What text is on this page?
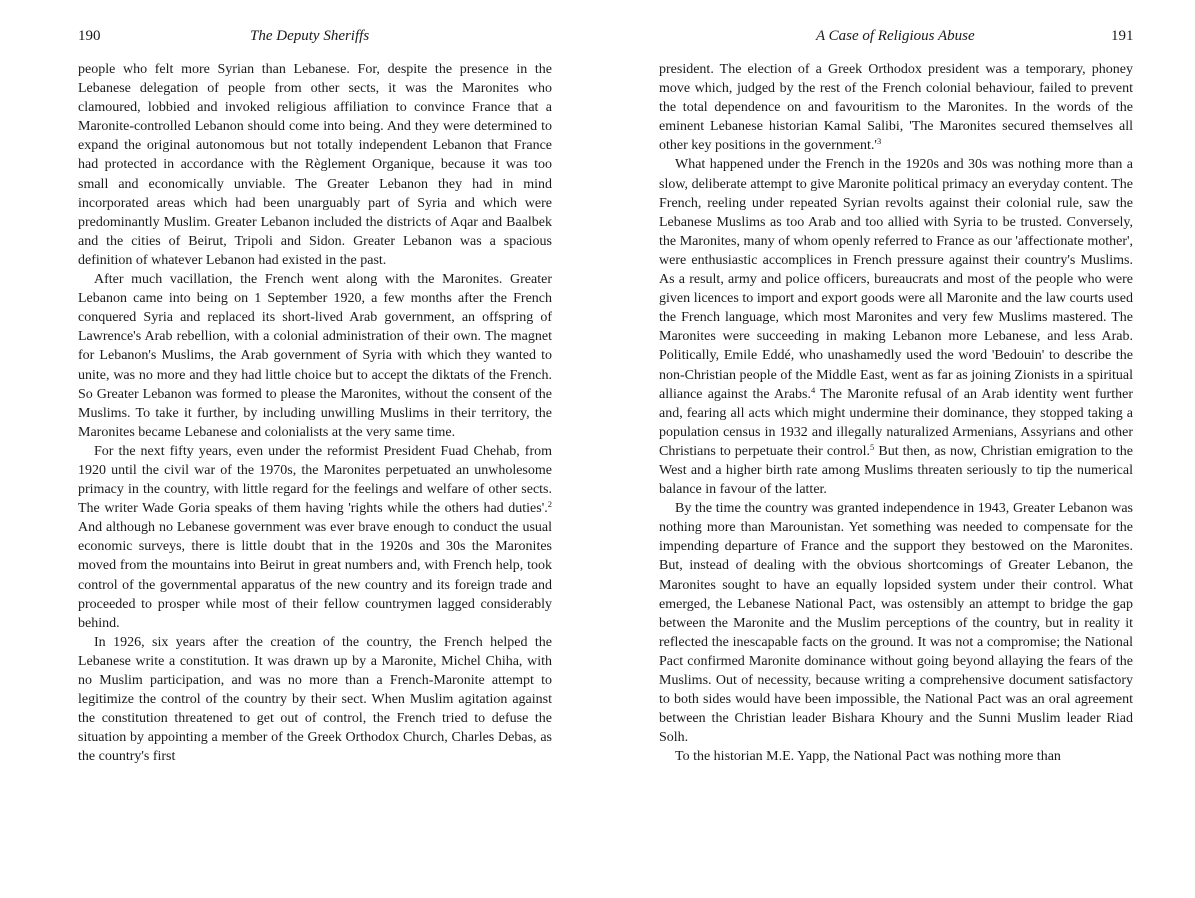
190	The Deputy Sheriffs

people who felt more Syrian than Lebanese. For, despite the presence in the Lebanese delegation of people from other sects, it was the Maronites who clamoured, lobbied and invoked religious affiliation to convince France that a Maronite-controlled Lebanon should come into being. And they were determined to expand the original autonomous but not totally independent Lebanon that France had protected in accordance with the Règlement Organique, because it was too small and economically unviable. The Greater Lebanon they had in mind incorporated areas which had been unarguably part of Syria and which were predominantly Muslim. Greater Lebanon included the districts of Aqar and Baalbek and the cities of Beirut, Tripoli and Sidon. Greater Lebanon was a spacious definition of whatever Lebanon had existed in the past.

After much vacillation, the French went along with the Maronites. Greater Lebanon came into being on 1 September 1920, a few months after the French conquered Syria and replaced its short-lived Arab government, an offspring of Lawrence's Arab rebellion, with a colonial administration of their own. The magnet for Lebanon's Muslims, the Arab government of Syria with which they wanted to unite, was no more and they had little choice but to accept the diktats of the French. So Greater Lebanon was formed to please the Maronites, without the consent of the Muslims. To take it further, by including unwilling Muslims in their territory, the Maronites became Lebanese and colonialists at the very same time.

For the next fifty years, even under the reformist President Fuad Chehab, from 1920 until the civil war of the 1970s, the Maronites perpetuated an unwholesome primacy in the country, with little regard for the feelings and welfare of other sects. The writer Wade Goria speaks of them having 'rights while the others had duties'.$^2$ And although no Lebanese government was ever brave enough to conduct the usual economic surveys, there is little doubt that in the 1920s and 30s the Maronites moved from the mountains into Beirut in great numbers and, with French help, took control of the governmental apparatus of the new country and its foreign trade and proceeded to prosper while most of their fellow countrymen lagged considerably behind.

In 1926, six years after the creation of the country, the French helped the Lebanese write a constitution. It was drawn up by a Maronite, Michel Chiha, with no Muslim participation, and was no more than a French-Maronite attempt to legitimize the control of the country by their sect. When Muslim agitation against the constitution threatened to get out of control, the French tried to defuse the situation by appointing a member of the Greek Orthodox Church, Charles Debas, as the country's first

A Case of Religious Abuse	191

president. The election of a Greek Orthodox president was a temporary, phoney move which, judged by the rest of the French colonial behaviour, failed to prevent the total dependence on and favouritism to the Maronites. In the words of the eminent Lebanese historian Kamal Salibi, 'The Maronites secured themselves all other key positions in the government.'$^3$

What happened under the French in the 1920s and 30s was nothing more than a slow, deliberate attempt to give Maronite political primacy an everyday content. The French, reeling under repeated Syrian revolts against their colonial rule, saw the Lebanese Muslims as too Arab and too allied with Syria to be trusted. Conversely, the Maronites, many of whom openly referred to France as our 'affectionate mother', were enthusiastic accomplices in French pressure against their country's Muslims. As a result, army and police officers, bureaucrats and most of the people who were given licences to import and export goods were all Maronite and the law courts used the French language, which most Maronites and very few Muslims mastered. The Maronites were succeeding in making Lebanon more Lebanese, and less Arab. Politically, Emile Eddé, who unashamedly used the word 'Bedouin' to describe the non-Christian people of the Middle East, went as far as joining Zionists in a spiritual alliance against the Arabs.$^4$ The Maronite refusal of an Arab identity went further and, fearing all acts which might undermine their dominance, they stopped taking a population census in 1932 and illegally naturalized Armenians, Assyrians and other Christians to perpetuate their control.$^5$ But then, as now, Christian emigration to the West and a higher birth rate among Muslims threaten seriously to tip the numerical balance in favour of the latter.

By the time the country was granted independence in 1943, Greater Lebanon was nothing more than Marounistan. Yet something was needed to compensate for the impending departure of France and the support they bestowed on the Maronites. But, instead of dealing with the obvious shortcomings of Greater Lebanon, the Maronites sought to have an equally lopsided system under their control. What emerged, the Lebanese National Pact, was ostensibly an attempt to bridge the gap between the Maronite and the Muslim perceptions of the country, but in reality it reflected the inescapable facts on the ground. It was not a compromise; the National Pact confirmed Maronite dominance without going beyond allaying the fears of the Muslims. Out of necessity, because writing a comprehensive document satisfactory to both sides would have been impossible, the National Pact was an oral agreement between the Christian leader Bishara Khoury and the Sunni Muslim leader Riad Solh.

To the historian M.E. Yapp, the National Pact was nothing more than
